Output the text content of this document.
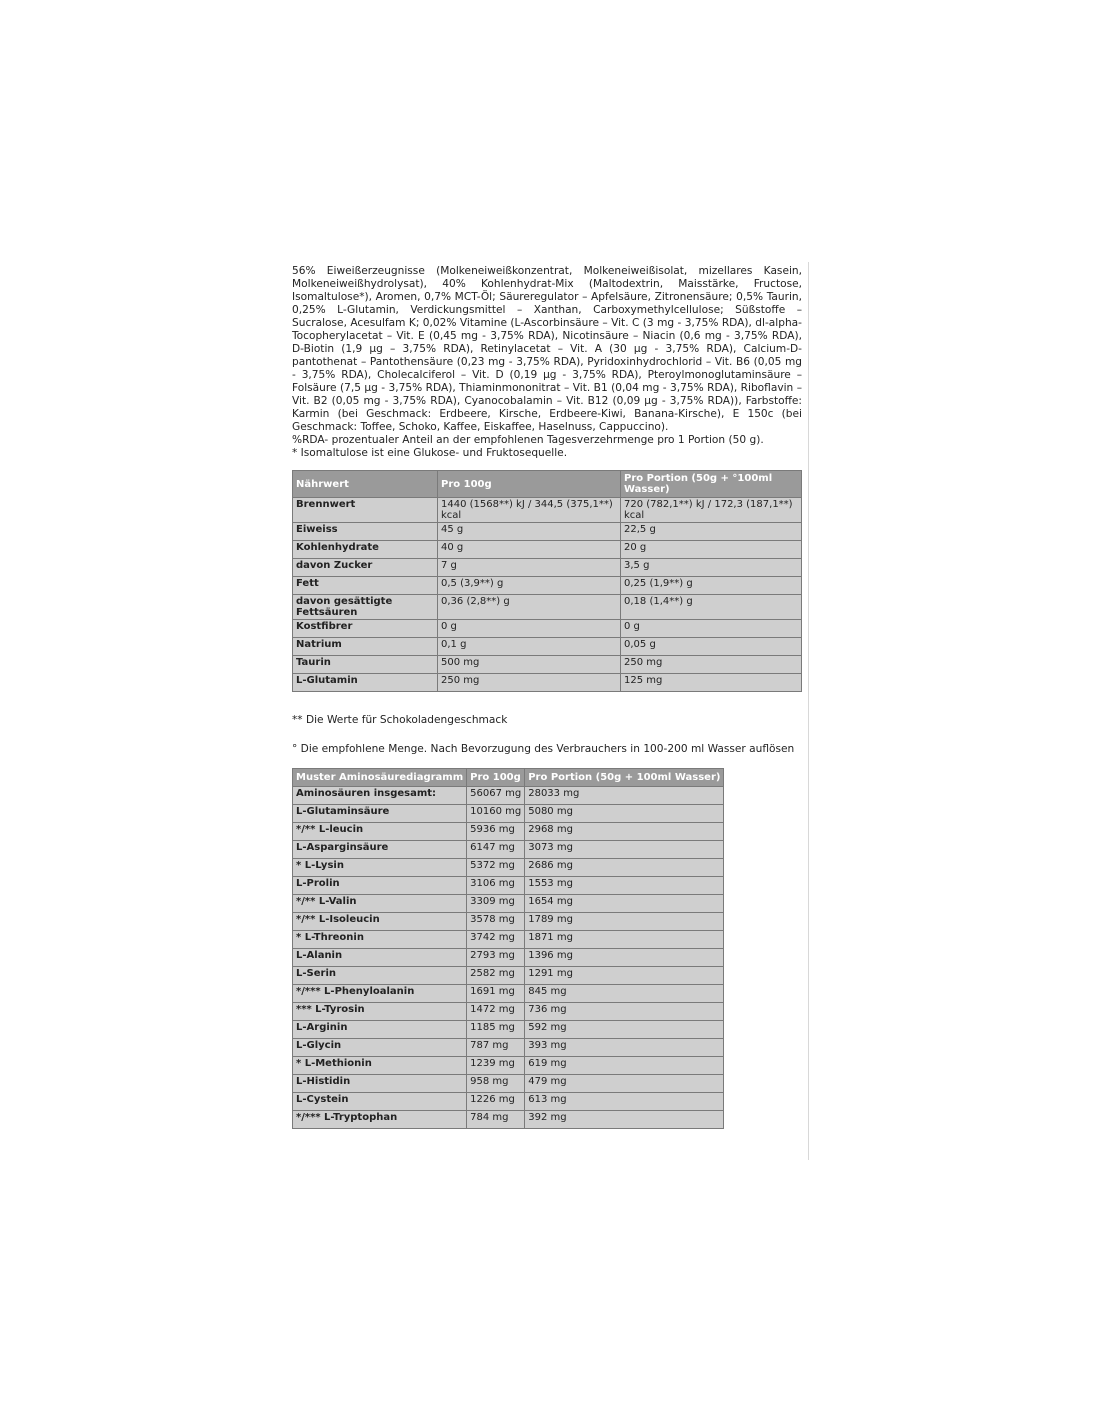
56% Eiweißerzeugnisse (Molkeneiweißkonzentrat, Molkeneiweißisolat, mizellares Kasein, Molkeneiweißhydrolysat), 40% Kohlenhydrat-Mix (Maltodextrin, Maisstärke, Fructose, Isomaltulose*), Aromen, 0,7% MCT-Öl; Säureregulator – Apfelsäure, Zitronensäure; 0,5% Taurin, 0,25% L-Glutamin, Verdickungsmittel – Xanthan, Carboxymethylcellulose; Süßstoffe – Sucralose, Acesulfam K; 0,02% Vitamine (L-Ascorbinsäure – Vit. C (3 mg - 3,75% RDA), dl-alpha-Tocopherylacetat – Vit. E (0,45 mg - 3,75% RDA), Nicotinsäure – Niacin (0,6 mg - 3,75% RDA), D-Biotin (1,9 µg – 3,75% RDA), Retinylacetat – Vit. A (30 µg - 3,75% RDA), Calcium-D-pantothenat – Pantothensäure (0,23 mg - 3,75% RDA), Pyridoxinhydrochlorid – Vit. B6 (0,05 mg - 3,75% RDA), Cholecalciferol – Vit. D (0,19 µg - 3,75% RDA), Pteroylmonoglutaminsäure – Folsäure (7,5 µg - 3,75% RDA), Thiaminmononitrat – Vit. B1 (0,04 mg - 3,75% RDA), Riboflavin – Vit. B2 (0,05 mg - 3,75% RDA), Cyanocobalamin – Vit. B12 (0,09 µg - 3,75% RDA)), Farbstoffe: Karmin (bei Geschmack: Erdbeere, Kirsche, Erdbeere-Kiwi, Banana-Kirsche), E 150c (bei Geschmack: Toffee, Schoko, Kaffee, Eiskaffee, Haselnuss, Cappuccino).

%RDA- prozentualer Anteil an der empfohlenen Tagesverzehrmenge pro 1 Portion (50 g).

* Isomaltulose ist eine Glukose- und Fruktosequelle.

Nährwert	Pro 100g	Pro Portion (50g + °100ml Wasser)
Brennwert	1440 (1568**) kJ / 344,5 (375,1**) kcal	720 (782,1**) kJ / 172,3 (187,1**) kcal
Eiweiss	45 g	22,5 g
Kohlenhydrate	40 g	20 g
davon Zucker	7 g	3,5 g
Fett	0,5 (3,9**) g	0,25 (1,9**) g
davon gesättigte Fettsäuren	0,36 (2,8**) g	0,18 (1,4**) g
Kostfibrer	0 g	0 g
Natrium	0,1 g	0,05 g
Taurin	500 mg	250 mg
L-Glutamin	250 mg	125 mg

** Die Werte für Schokoladengeschmack

° Die empfohlene Menge. Nach Bevorzugung des Verbrauchers in 100-200 ml Wasser auflösen

Muster Aminosäurediagramm	Pro 100g	Pro Portion (50g + 100ml Wasser)
Aminosäuren insgesamt:	56067 mg	28033 mg
L-Glutaminsäure	10160 mg	5080 mg
*/** L-leucin	5936 mg	2968 mg
L-Asparginsäure	6147 mg	3073 mg
* L-Lysin	5372 mg	2686 mg
L-Prolin	3106 mg	1553 mg
*/** L-Valin	3309 mg	1654 mg
*/** L-Isoleucin	3578 mg	1789 mg
* L-Threonin	3742 mg	1871 mg
L-Alanin	2793 mg	1396 mg
L-Serin	2582 mg	1291 mg
*/*** L-Phenyloalanin	1691 mg	845 mg
*** L-Tyrosin	1472 mg	736 mg
L-Arginin	1185 mg	592 mg
L-Glycin	787 mg	393 mg
* L-Methionin	1239 mg	619 mg
L-Histidin	958 mg	479 mg
L-Cystein	1226 mg	613 mg
*/*** L-Tryptophan	784 mg	392 mg
